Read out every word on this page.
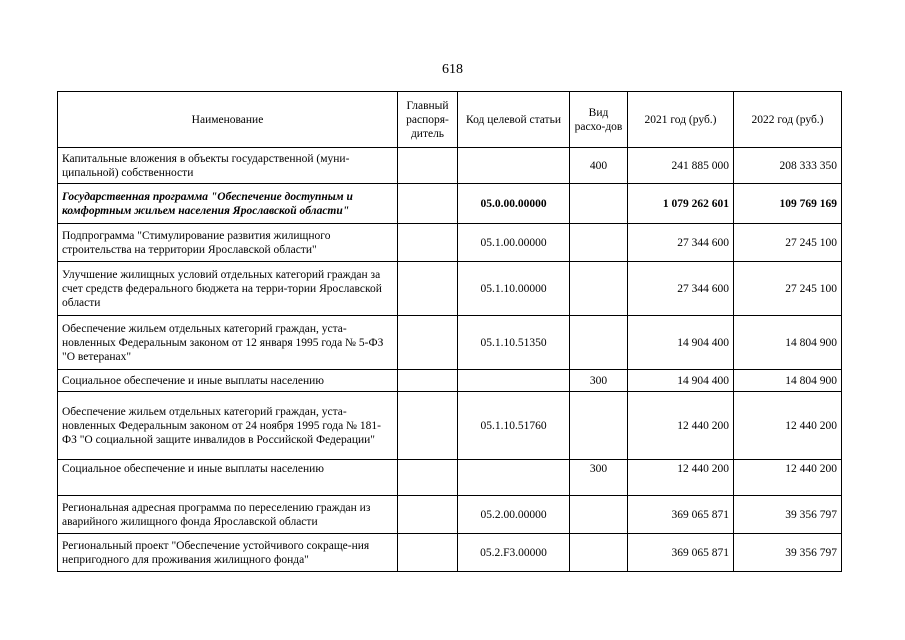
618
Наименование	Главный распоря-дитель	Код целевой статьи	Вид расхо-дов	2021 год (руб.)	2022 год (руб.)
Капитальные вложения в объекты государственной (муни-ципальной) собственности			400	241 885 000	208 333 350
Государственная программа "Обеспечение доступным и комфортным жильем населения Ярославской области"		05.0.00.00000		1 079 262 601	109 769 169
Подпрограмма "Стимулирование развития жилищного строительства на территории Ярославской области"		05.1.00.00000		27 344 600	27 245 100
Улучшение жилищных условий отдельных категорий граждан за счет средств федерального бюджета на терри-тории Ярославской области		05.1.10.00000		27 344 600	27 245 100
Обеспечение жильем отдельных категорий граждан, уста-новленных Федеральным законом от 12 января 1995 года № 5-ФЗ "О ветеранах"		05.1.10.51350		14 904 400	14 804 900
Социальное обеспечение и иные выплаты населению			300	14 904 400	14 804 900
Обеспечение жильем отдельных категорий граждан, уста-новленных Федеральным законом от 24 ноября 1995 года № 181-ФЗ "О социальной защите инвалидов в Российской Федерации"		05.1.10.51760		12 440 200	12 440 200
Социальное обеспечение и иные выплаты населению			300	12 440 200	12 440 200
Региональная адресная программа по переселению граждан из аварийного жилищного фонда Ярославской области		05.2.00.00000		369 065 871	39 356 797
Региональный проект "Обеспечение устойчивого сокраще-ния непригодного для проживания жилищного фонда"		05.2.F3.00000		369 065 871	39 356 797
